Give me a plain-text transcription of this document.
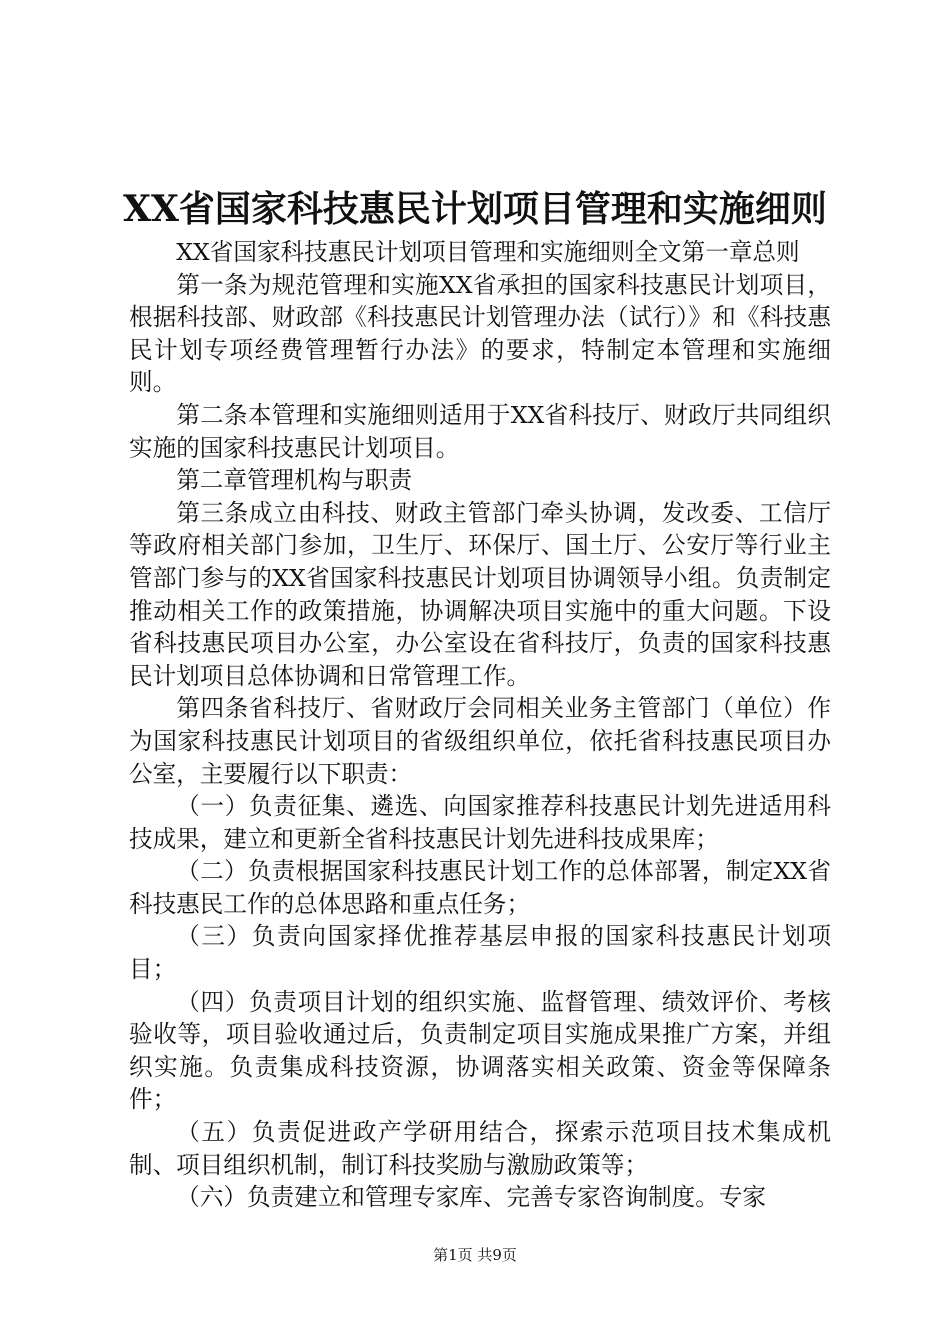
XX省国家科技惠民计划项目管理和实施细则

XX省国家科技惠民计划项目管理和实施细则全文第一章总则

第一条为规范管理和实施XX省承担的国家科技惠民计划项目，根据科技部、财政部《科技惠民计划管理办法（试行）》和《科技惠民计划专项经费管理暂行办法》的要求，特制定本管理和实施细则。

第二条本管理和实施细则适用于XX省科技厅、财政厅共同组织实施的国家科技惠民计划项目。

第二章管理机构与职责

第三条成立由科技、财政主管部门牵头协调，发改委、工信厅等政府相关部门参加，卫生厅、环保厅、国土厅、公安厅等行业主管部门参与的XX省国家科技惠民计划项目协调领导小组。负责制定推动相关工作的政策措施，协调解决项目实施中的重大问题。下设省科技惠民项目办公室，办公室设在省科技厅，负责的国家科技惠民计划项目总体协调和日常管理工作。

第四条省科技厅、省财政厅会同相关业务主管部门（单位）作为国家科技惠民计划项目的省级组织单位，依托省科技惠民项目办公室，主要履行以下职责：

（一）负责征集、遴选、向国家推荐科技惠民计划先进适用科技成果，建立和更新全省科技惠民计划先进科技成果库；

（二）负责根据国家科技惠民计划工作的总体部署，制定XX省科技惠民工作的总体思路和重点任务；

（三）负责向国家择优推荐基层申报的国家科技惠民计划项目；

（四）负责项目计划的组织实施、监督管理、绩效评价、考核验收等，项目验收通过后，负责制定项目实施成果推广方案，并组织实施。负责集成科技资源，协调落实相关政策、资金等保障条件；

（五）负责促进政产学研用结合，探索示范项目技术集成机制、项目组织机制，制订科技奖励与激励政策等；

（六）负责建立和管理专家库、完善专家咨询制度。专家

第1页 共9页
